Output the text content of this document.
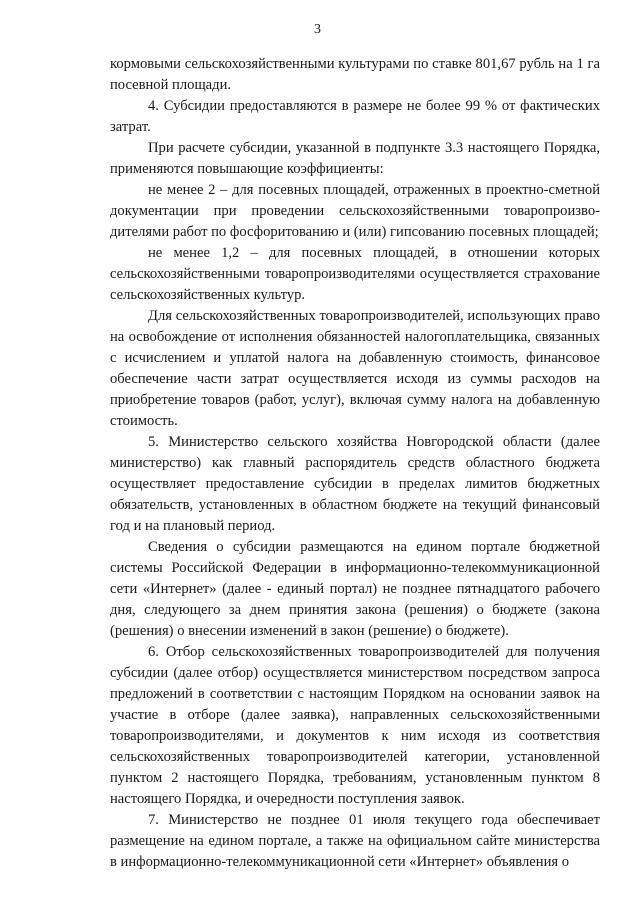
3

кормовыми сельскохозяйственными культурами по ставке 801,67 рубль на 1 га посевной площади.

4. Субсидии предоставляются в размере не более 99 % от фактических затрат.

При расчете субсидии, указанной в подпункте 3.3 настоящего Порядка, применяются повышающие коэффициенты:

не менее 2 – для посевных площадей, отраженных в проектно-сметной документации при проведении сельскохозяйственными товаропроизво-дителями работ по фосфоритованию и (или) гипсованию посевных площадей;

не менее 1,2 – для посевных площадей, в отношении которых сельскохозяйственными товаропроизводителями осуществляется страхование сельскохозяйственных культур.

Для сельскохозяйственных товаропроизводителей, использующих право на освобождение от исполнения обязанностей налогоплательщика, связанных с исчислением и уплатой налога на добавленную стоимость, финансовое обеспечение части затрат осуществляется исходя из суммы расходов на приобретение товаров (работ, услуг), включая сумму налога на добавленную стоимость.

5. Министерство сельского хозяйства Новгородской области (далее министерство) как главный распорядитель средств областного бюджета осуществляет предоставление субсидии в пределах лимитов бюджетных обязательств, установленных в областном бюджете на текущий финансовый год и на плановый период.

Сведения о субсидии размещаются на едином портале бюджетной системы Российской Федерации в информационно-телекоммуникационной сети «Интернет» (далее - единый портал) не позднее пятнадцатого рабочего дня, следующего за днем принятия закона (решения) о бюджете (закона (решения) о внесении изменений в закон (решение) о бюджете).

6. Отбор сельскохозяйственных товаропроизводителей для получения субсидии (далее отбор) осуществляется министерством посредством запроса предложений в соответствии с настоящим Порядком на основании заявок на участие в отборе (далее заявка), направленных сельскохозяйственными товаропроизводителями, и документов к ним исходя из соответствия сельскохозяйственных товаропроизводителей категории, установленной пунктом 2 настоящего Порядка, требованиям, установленным пунктом 8 настоящего Порядка, и очередности поступления заявок.

7. Министерство не позднее 01 июля текущего года обеспечивает размещение на едином портале, а также на официальном сайте министерства в информационно-телекоммуникационной сети «Интернет» объявления о
